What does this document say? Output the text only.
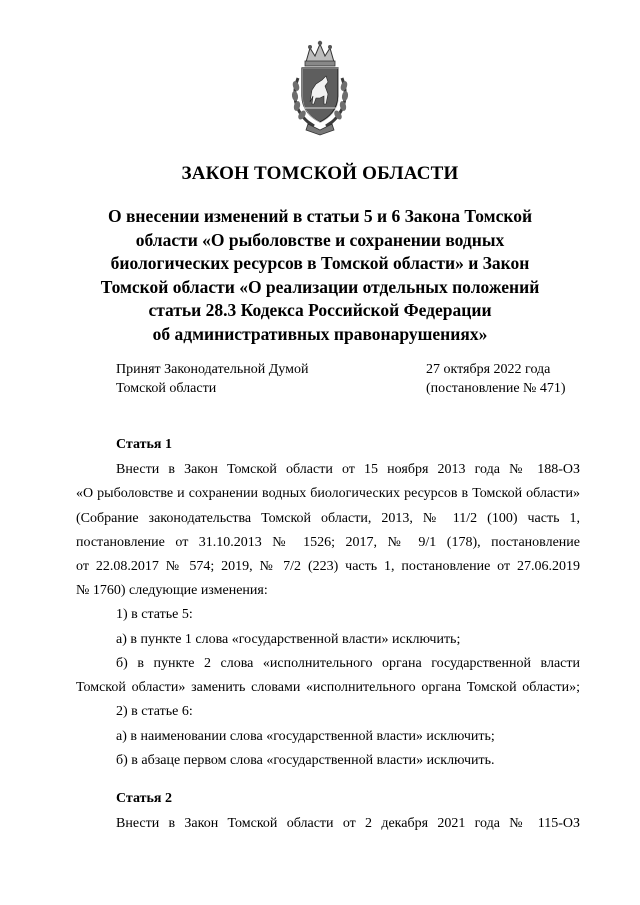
ЗАКОН ТОМСКОЙ ОБЛАСТИ
О внесении изменений в статьи 5 и 6 Закона Томской
области «О рыболовстве и сохранении водных
биологических ресурсов в Томской области» и Закон
Томской области «О реализации отдельных положений
статьи 28.3 Кодекса Российской Федерации
об административных правонарушениях»
Принят Законодательной Думой
Томской области
27 октября 2022 года
(постановление № 471)
Статья 1
Внести в Закон Томской области от 15 ноября 2013 года № 188-ОЗ
«О рыболовстве и сохранении водных биологических ресурсов в Томской области»
(Собрание законодательства Томской области, 2013, № 11/2 (100) часть 1,
постановление от 31.10.2013 № 1526; 2017, № 9/1 (178), постановление
от 22.08.2017 № 574; 2019, № 7/2 (223) часть 1, постановление от 27.06.2019
№ 1760) следующие изменения:
1) в статье 5:
а) в пункте 1 слова «государственной власти» исключить;
б) в пункте 2 слова «исполнительного органа государственной власти
Томской области» заменить словами «исполнительного органа Томской области»;
2) в статье 6:
а) в наименовании слова «государственной власти» исключить;
б) в абзаце первом слова «государственной власти» исключить.
Статья 2
Внести в Закон Томской области от 2 декабря 2021 года № 115-ОЗ
